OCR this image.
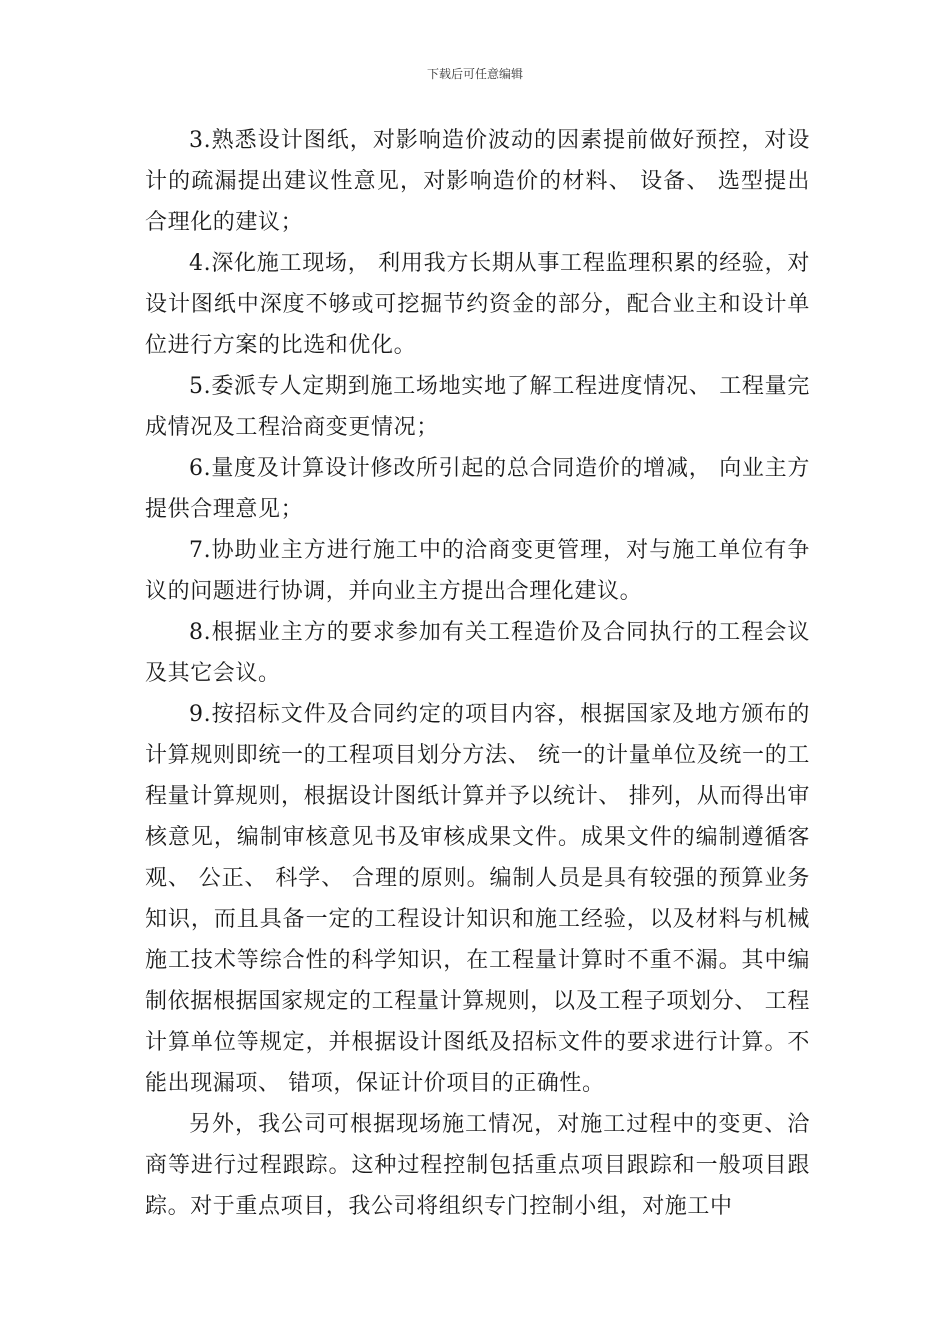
下载后可任意编辑

3.熟悉设计图纸，对影响造价波动的因素提前做好预控，对设计的疏漏提出建议性意见，对影响造价的材料、 设备、 选型提出合理化的建议；

4.深化施工现场， 利用我方长期从事工程监理积累的经验，对设计图纸中深度不够或可挖掘节约资金的部分，配合业主和设计单位进行方案的比选和优化。

5.委派专人定期到施工场地实地了解工程进度情况、 工程量完成情况及工程洽商变更情况；

6.量度及计算设计修改所引起的总合同造价的增减， 向业主方提供合理意见；

7.协助业主方进行施工中的洽商变更管理，对与施工单位有争议的问题进行协调，并向业主方提出合理化建议。

8.根据业主方的要求参加有关工程造价及合同执行的工程会议及其它会议。

9.按招标文件及合同约定的项目内容，根据国家及地方颁布的计算规则即统一的工程项目划分方法、 统一的计量单位及统一的工程量计算规则，根据设计图纸计算并予以统计、 排列，从而得出审核意见，编制审核意见书及审核成果文件。成果文件的编制遵循客观、 公正、 科学、 合理的原则。编制人员是具有较强的预算业务知识，而且具备一定的工程设计知识和施工经验，以及材料与机械施工技术等综合性的科学知识，在工程量计算时不重不漏。其中编制依据根据国家规定的工程量计算规则，以及工程子项划分、 工程计算单位等规定，并根据设计图纸及招标文件的要求进行计算。不能出现漏项、 错项，保证计价项目的正确性。

另外，我公司可根据现场施工情况，对施工过程中的变更、洽商等进行过程跟踪。这种过程控制包括重点项目跟踪和一般项目跟踪。对于重点项目，我公司将组织专门控制小组，对施工中
